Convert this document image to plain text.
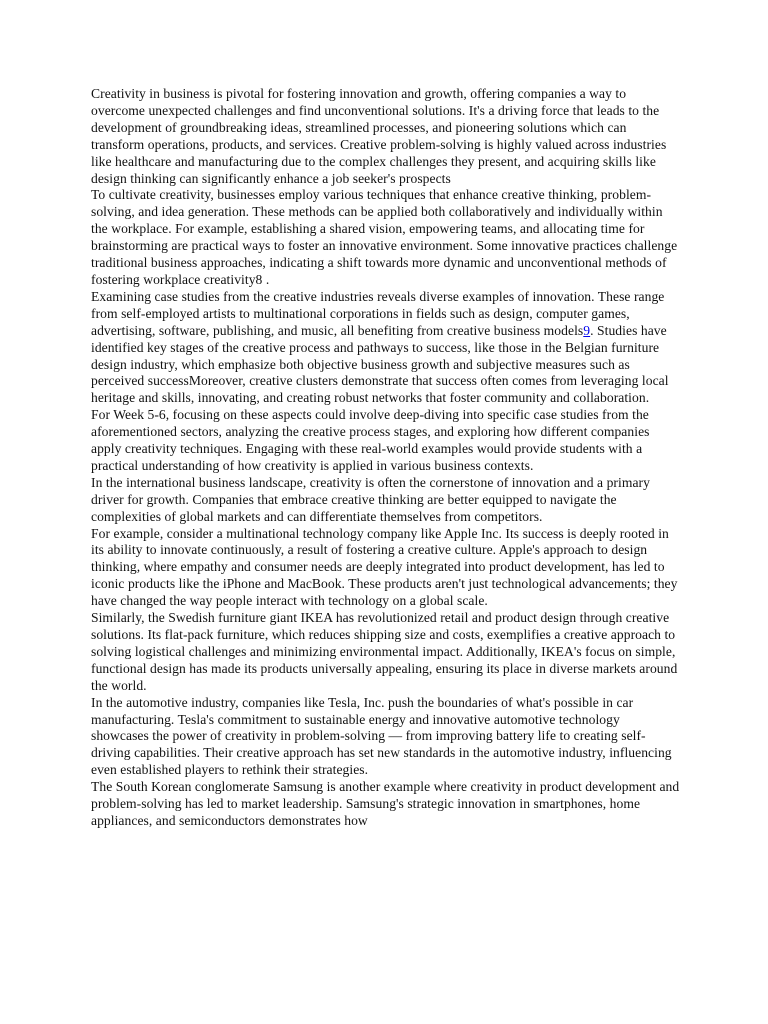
Creativity in business is pivotal for fostering innovation and growth, offering companies a way to overcome unexpected challenges and find unconventional solutions. It's a driving force that leads to the development of groundbreaking ideas, streamlined processes, and pioneering solutions which can transform operations, products, and services. Creative problem-solving is highly valued across industries like healthcare and manufacturing due to the complex challenges they present, and acquiring skills like design thinking can significantly enhance a job seeker's prospects

To cultivate creativity, businesses employ various techniques that enhance creative thinking, problem-solving, and idea generation. These methods can be applied both collaboratively and individually within the workplace. For example, establishing a shared vision, empowering teams, and allocating time for brainstorming are practical ways to foster an innovative environment. Some innovative practices challenge traditional business approaches, indicating a shift towards more dynamic and unconventional methods of fostering workplace creativity8 .

Examining case studies from the creative industries reveals diverse examples of innovation. These range from self-employed artists to multinational corporations in fields such as design, computer games, advertising, software, publishing, and music, all benefiting from creative business models9. Studies have identified key stages of the creative process and pathways to success, like those in the Belgian furniture design industry, which emphasize both objective business growth and subjective measures such as perceived successMoreover, creative clusters demonstrate that success often comes from leveraging local heritage and skills, innovating, and creating robust networks that foster community and collaboration.

For Week 5-6, focusing on these aspects could involve deep-diving into specific case studies from the aforementioned sectors, analyzing the creative process stages, and exploring how different companies apply creativity techniques. Engaging with these real-world examples would provide students with a practical understanding of how creativity is applied in various business contexts.

In the international business landscape, creativity is often the cornerstone of innovation and a primary driver for growth. Companies that embrace creative thinking are better equipped to navigate the complexities of global markets and can differentiate themselves from competitors.

For example, consider a multinational technology company like Apple Inc. Its success is deeply rooted in its ability to innovate continuously, a result of fostering a creative culture. Apple's approach to design thinking, where empathy and consumer needs are deeply integrated into product development, has led to iconic products like the iPhone and MacBook. These products aren't just technological advancements; they have changed the way people interact with technology on a global scale.

Similarly, the Swedish furniture giant IKEA has revolutionized retail and product design through creative solutions. Its flat-pack furniture, which reduces shipping size and costs, exemplifies a creative approach to solving logistical challenges and minimizing environmental impact. Additionally, IKEA's focus on simple, functional design has made its products universally appealing, ensuring its place in diverse markets around the world.

In the automotive industry, companies like Tesla, Inc. push the boundaries of what's possible in car manufacturing. Tesla's commitment to sustainable energy and innovative automotive technology showcases the power of creativity in problem-solving — from improving battery life to creating self-driving capabilities. Their creative approach has set new standards in the automotive industry, influencing even established players to rethink their strategies.

The South Korean conglomerate Samsung is another example where creativity in product development and problem-solving has led to market leadership. Samsung's strategic innovation in smartphones, home appliances, and semiconductors demonstrates how
